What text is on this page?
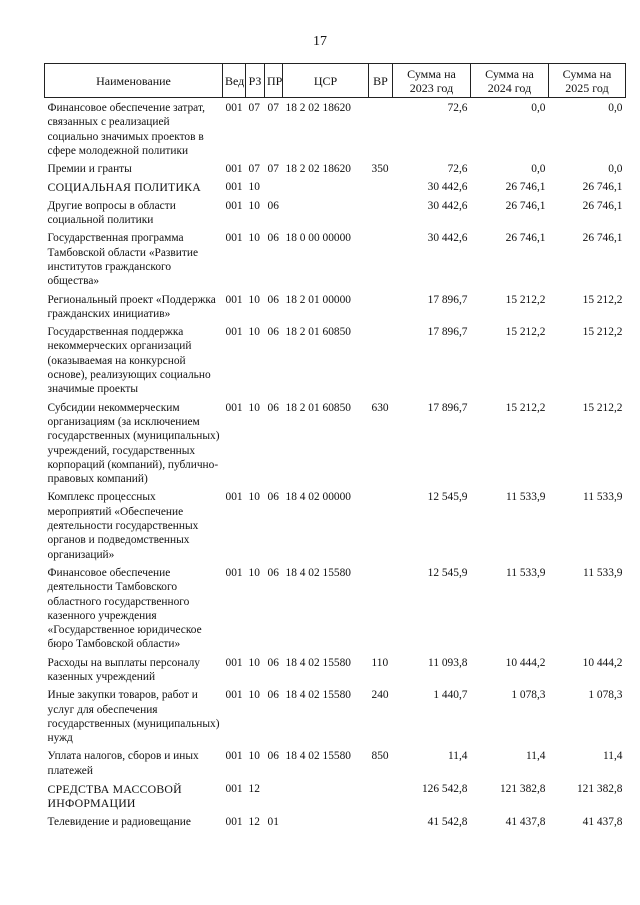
17
Наименование	Вед	РЗ	ПР	ЦСР	ВР	Сумма на 2023 год	Сумма на 2024 год	Сумма на 2025 год
Финансовое обеспечение затрат, связанных с реализацией социально значимых проектов в сфере молодежной политики	001	07	07	18 2 02 18620		72,6	0,0	0,0
Премии и гранты	001	07	07	18 2 02 18620	350	72,6	0,0	0,0
СОЦИАЛЬНАЯ ПОЛИТИКА	001	10				30 442,6	26 746,1	26 746,1
Другие вопросы в области социальной политики	001	10	06			30 442,6	26 746,1	26 746,1
Государственная программа Тамбовской области «Развитие институтов гражданского общества»	001	10	06	18 0 00 00000		30 442,6	26 746,1	26 746,1
Региональный проект «Поддержка гражданских инициатив»	001	10	06	18 2 01 00000		17 896,7	15 212,2	15 212,2
Государственная поддержка некоммерческих организаций (оказываемая на конкурсной основе), реализующих социально значимые проекты	001	10	06	18 2 01 60850		17 896,7	15 212,2	15 212,2
Субсидии некоммерческим организациям (за исключением государственных (муниципальных) учреждений, государственных корпораций (компаний), публично-правовых компаний)	001	10	06	18 2 01 60850	630	17 896,7	15 212,2	15 212,2
Комплекс процессных мероприятий «Обеспечение деятельности государственных органов и подведомственных организаций»	001	10	06	18 4 02 00000		12 545,9	11 533,9	11 533,9
Финансовое обеспечение деятельности Тамбовского областного государственного казенного учреждения «Государственное юридическое бюро Тамбовской области»	001	10	06	18 4 02 15580		12 545,9	11 533,9	11 533,9
Расходы на выплаты персоналу казенных учреждений	001	10	06	18 4 02 15580	110	11 093,8	10 444,2	10 444,2
Иные закупки товаров, работ и услуг для обеспечения государственных (муниципальных) нужд	001	10	06	18 4 02 15580	240	1 440,7	1 078,3	1 078,3
Уплата налогов, сборов и иных платежей	001	10	06	18 4 02 15580	850	11,4	11,4	11,4
СРЕДСТВА МАССОВОЙ ИНФОРМАЦИИ	001	12				126 542,8	121 382,8	121 382,8
Телевидение и радиовещание	001	12	01			41 542,8	41 437,8	41 437,8
